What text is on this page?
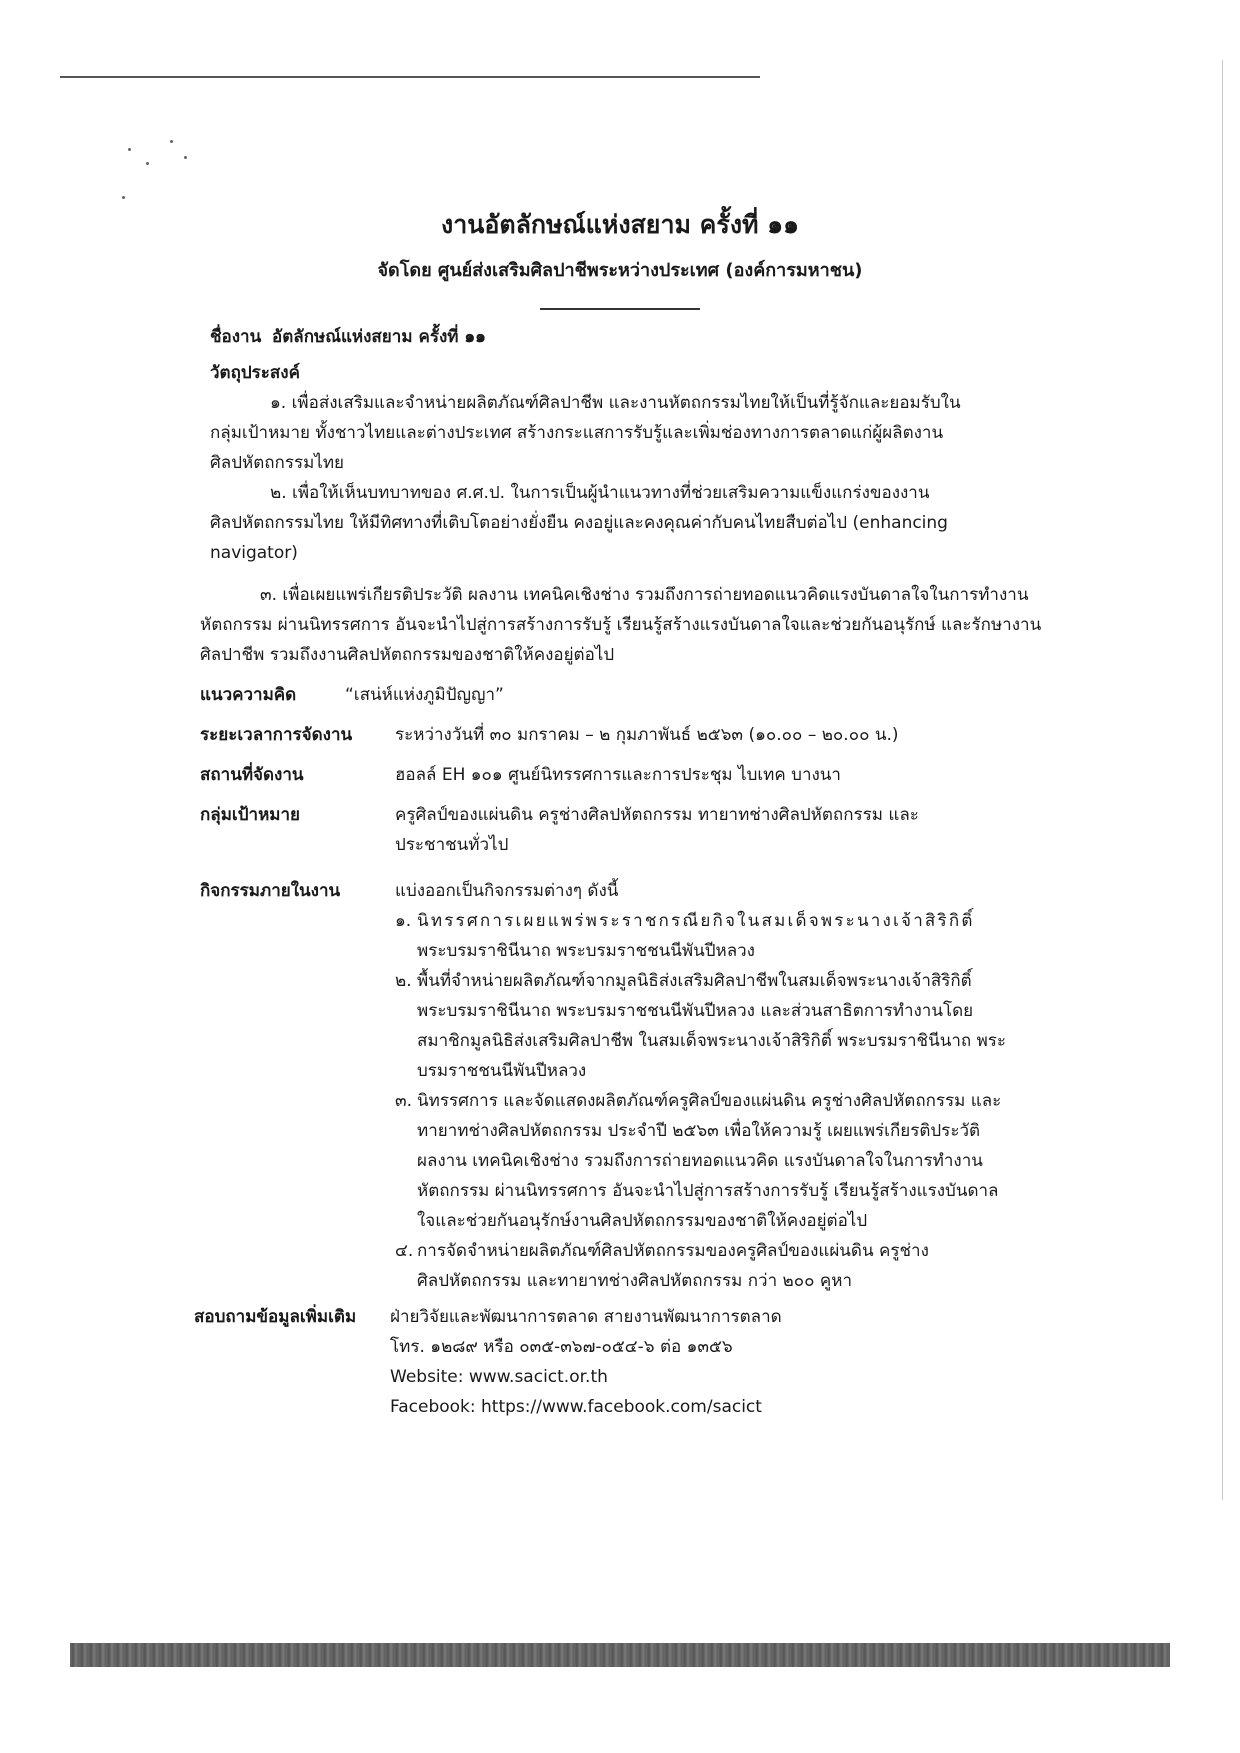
งานอัตลักษณ์แห่งสยาม ครั้งที่ ๑๑

จัดโดย ศูนย์ส่งเสริมศิลปาชีพระหว่างประเทศ (องค์การมหาชน)

ชื่องาน อัตลักษณ์แห่งสยาม ครั้งที่ ๑๑

วัตถุประสงค์

๑. เพื่อส่งเสริมและจำหน่ายผลิตภัณฑ์ศิลปาชีพ และงานหัตถกรรมไทยให้เป็นที่รู้จักและยอมรับใน

กลุ่มเป้าหมาย ทั้งชาวไทยและต่างประเทศ สร้างกระแสการรับรู้และเพิ่มช่องทางการตลาดแก่ผู้ผลิตงาน

ศิลปหัตถกรรมไทย

๒. เพื่อให้เห็นบทบาทของ ศ.ศ.ป. ในการเป็นผู้นำแนวทางที่ช่วยเสริมความแข็งแกร่งของงาน

ศิลปหัตถกรรมไทย ให้มีทิศทางที่เติบโตอย่างยั่งยืน คงอยู่และคงคุณค่ากับคนไทยสืบต่อไป (enhancing

navigator)

๓. เพื่อเผยแพร่เกียรติประวัติ ผลงาน เทคนิคเชิงช่าง รวมถึงการถ่ายทอดแนวคิดแรงบันดาลใจในการทำงาน

หัตถกรรม ผ่านนิทรรศการ อันจะนำไปสู่การสร้างการรับรู้ เรียนรู้สร้างแรงบันดาลใจและช่วยกันอนุรักษ์ และรักษางาน

ศิลปาชีพ รวมถึงงานศิลปหัตถกรรมของชาติให้คงอยู่ต่อไป

แนวความคิด	“เสน่ห์แห่งภูมิปัญญา”
ระยะเวลาการจัดงาน	ระหว่างวันที่ ๓๐ มกราคม – ๒ กุมภาพันธ์ ๒๕๖๓ (๑๐.๐๐ – ๒๐.๐๐ น.)
สถานที่จัดงาน	ฮอลล์ EH ๑๐๑ ศูนย์นิทรรศการและการประชุม ไบเทค บางนา
กลุ่มเป้าหมาย	ครูศิลป์ของแผ่นดิน ครูช่างศิลปหัตถกรรม ทายาทช่างศิลปหัตถกรรม และ
ประชาชนทั่วไป
กิจกรรมภายในงาน	แบ่งออกเป็นกิจกรรมต่างๆ ดังนี้
๑. นิทรรศการเผยแพร่พระราชกรณียกิจในสมเด็จพระนางเจ้าสิริกิติ์
พระบรมราชินีนาถ พระบรมราชชนนีพันปีหลวง
๒. พื้นที่จำหน่ายผลิตภัณฑ์จากมูลนิธิส่งเสริมศิลปาชีพในสมเด็จพระนางเจ้าสิริกิติ์
พระบรมราชินีนาถ พระบรมราชชนนีพันปีหลวง และส่วนสาธิตการทำงานโดย
สมาชิกมูลนิธิส่งเสริมศิลปาชีพ ในสมเด็จพระนางเจ้าสิริกิติ์ พระบรมราชินีนาถ พระ
บรมราชชนนีพันปีหลวง
๓. นิทรรศการ และจัดแสดงผลิตภัณฑ์ครูศิลป์ของแผ่นดิน ครูช่างศิลปหัตถกรรม และ
ทายาทช่างศิลปหัตถกรรม ประจำปี ๒๕๖๓ เพื่อให้ความรู้ เผยแพร่เกียรติประวัติ
ผลงาน เทคนิคเชิงช่าง รวมถึงการถ่ายทอดแนวคิด แรงบันดาลใจในการทำงาน
หัตถกรรม ผ่านนิทรรศการ อันจะนำไปสู่การสร้างการรับรู้ เรียนรู้สร้างแรงบันดาล
ใจและช่วยกันอนุรักษ์งานศิลปหัตถกรรมของชาติให้คงอยู่ต่อไป
๔. การจัดจำหน่ายผลิตภัณฑ์ศิลปหัตถกรรมของครูศิลป์ของแผ่นดิน ครูช่าง
ศิลปหัตถกรรม และทายาทช่างศิลปหัตถกรรม กว่า ๒๐๐ คูหา
สอบถามข้อมูลเพิ่มเติม	ฝ่ายวิจัยและพัฒนาการตลาด สายงานพัฒนาการตลาด
โทร. ๑๒๘๙ หรือ ๐๓๕-๓๖๗-๐๕๔-๖ ต่อ ๑๓๕๖
Website: www.sacict.or.th
Facebook: https://www.facebook.com/sacict
